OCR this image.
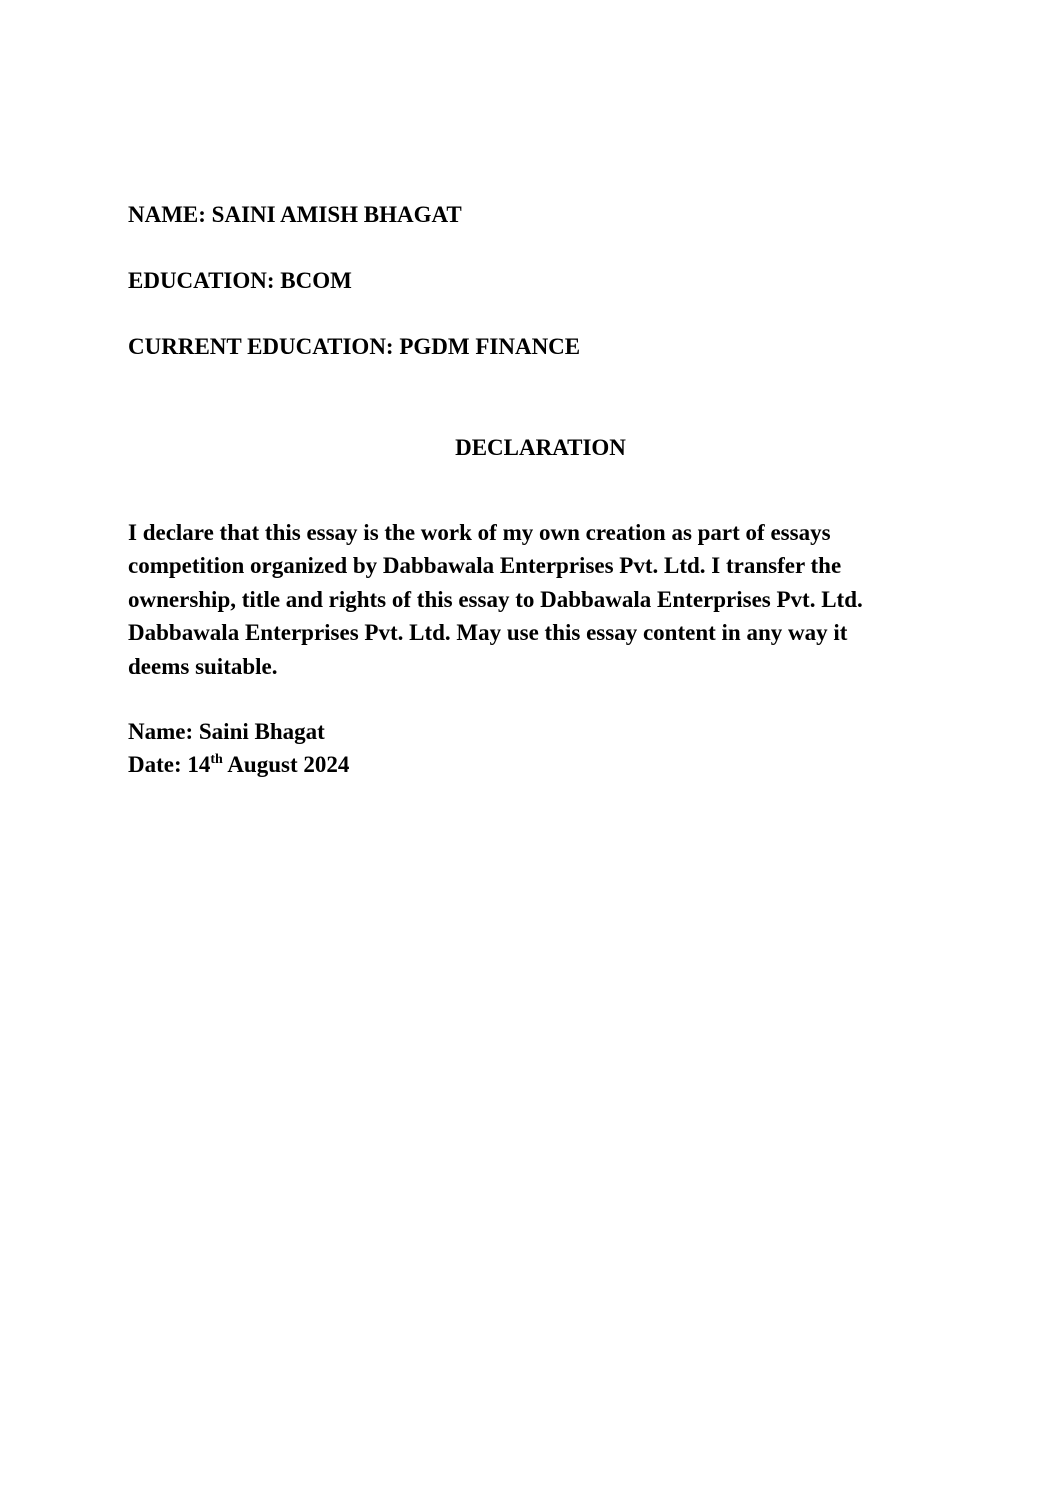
NAME: SAINI AMISH BHAGAT
EDUCATION: BCOM
CURRENT EDUCATION: PGDM FINANCE
DECLARATION
I declare that this essay is the work of my own creation as part of essays
competition organized by Dabbawala Enterprises Pvt. Ltd. I transfer the
ownership, title and rights of this essay to Dabbawala Enterprises Pvt. Ltd.
Dabbawala Enterprises Pvt. Ltd. May use this essay content in any way it
deems suitable.
Name: Saini Bhagat
Date: 14th August 2024
